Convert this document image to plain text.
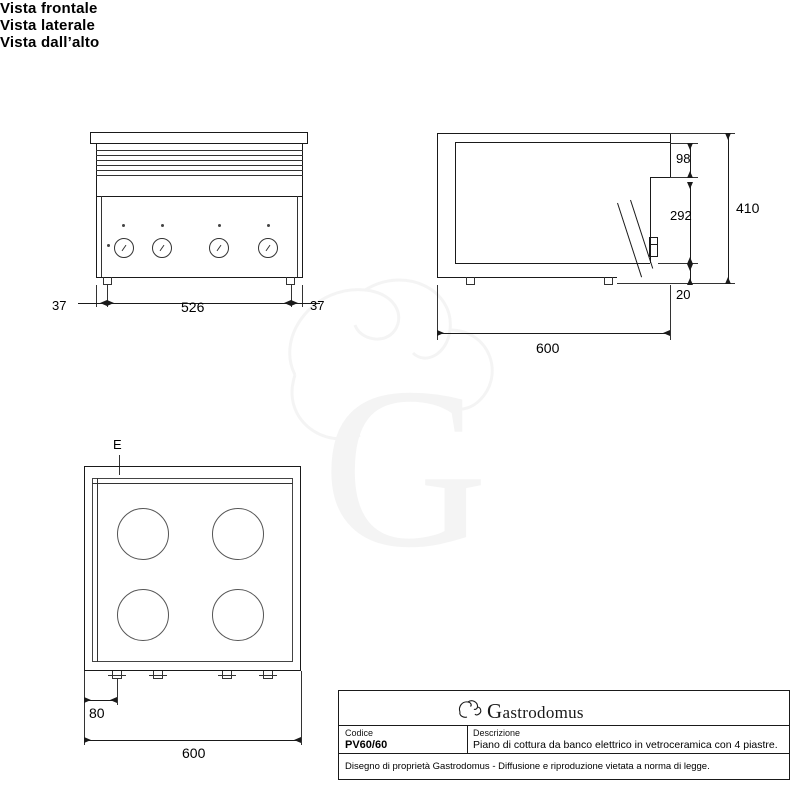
G
Vista frontale
37	526	37
Vista laterale
98
292
20
410
600
Vista dall’alto
E
80
600
Gastrodomus
Codice
PV60/60
Descrizione
Piano di cottura da banco elettrico in vetroceramica con 4 piastre.
Disegno di proprietà Gastrodomus - Diffusione e riproduzione vietata a norma di legge.
